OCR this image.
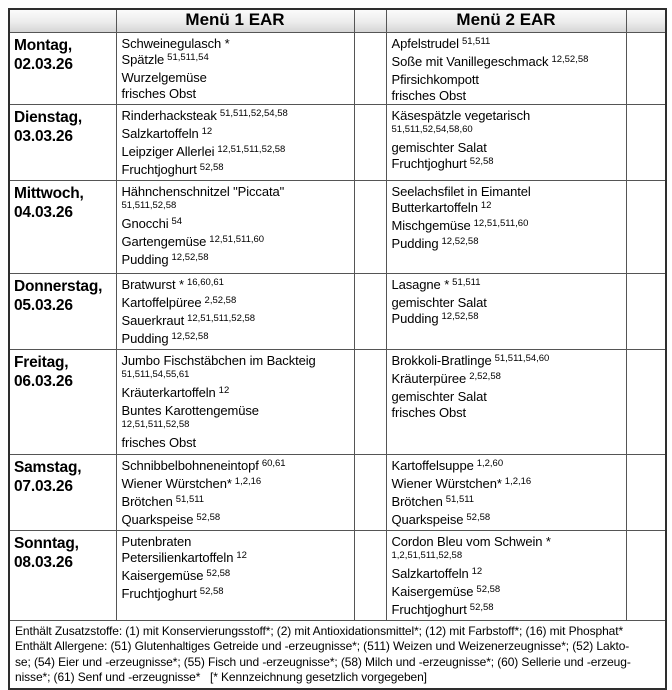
	Menü 1 EAR		Menü 2 EAR	

Montag,
02.03.26

Schweinegulasch *
Spätzle $^{51,511,54}$
Wurzelgemüse
frisches Obst

Apfelstrudel $^{51,511}$
Soße mit Vanillegeschmack $^{12,52,58}$
Pfirsichkompott
frisches Obst

Dienstag,
03.03.26

Rinderhacksteak $^{51,511,52,54,58}$
Salzkartoffeln $^{12}$
Leipziger Allerlei $^{12,51,511,52,58}$
Fruchtjoghurt $^{52,58}$

Käsespätzle vegetarisch
51,511,52,54,58,60
gemischter Salat
Fruchtjoghurt $^{52,58}$

Mittwoch,
04.03.26

Hähnchenschnitzel "Piccata"
51,511,52,58
Gnocchi $^{54}$
Gartengemüse $^{12,51,511,60}$
Pudding $^{12,52,58}$

Seelachsfilet in Eimantel
Butterkartoffeln $^{12}$
Mischgemüse $^{12,51,511,60}$
Pudding $^{12,52,58}$

Donnerstag,
05.03.26

Bratwurst * $^{16,60,61}$
Kartoffelpüree $^{2,52,58}$
Sauerkraut $^{12,51,511,52,58}$
Pudding $^{12,52,58}$

Lasagne * $^{51,511}$
gemischter Salat
Pudding $^{12,52,58}$

Freitag,
06.03.26

Jumbo Fischstäbchen im Backteig
51,511,54,55,61
Kräuterkartoffeln $^{12}$
Buntes Karottengemüse
12,51,511,52,58
frisches Obst

Brokkoli-Bratlinge $^{51,511,54,60}$
Kräuterpüree $^{2,52,58}$
gemischter Salat
frisches Obst

Samstag,
07.03.26

Schnibbelbohneneintopf $^{60,61}$
Wiener Würstchen* $^{1,2,16}$
Brötchen $^{51,511}$
Quarkspeise $^{52,58}$

Kartoffelsuppe $^{1,2,60}$
Wiener Würstchen* $^{1,2,16}$
Brötchen $^{51,511}$
Quarkspeise $^{52,58}$

Sonntag,
08.03.26

Putenbraten
Petersilienkartoffeln $^{12}$
Kaisergemüse $^{52,58}$
Fruchtjoghurt $^{52,58}$

Cordon Bleu vom Schwein *
1,2,51,511,52,58
Salzkartoffeln $^{12}$
Kaisergemüse $^{52,58}$
Fruchtjoghurt $^{52,58}$

Enthält Zusatzstoffe: (1) mit Konservierungsstoff*; (2) mit Antioxidationsmittel*; (12) mit Farbstoff*; (16) mit Phosphat*
Enthält Allergene: (51) Glutenhaltiges Getreide und -erzeugnisse*; (511) Weizen und Weizenerzeugnisse*; (52) Lakto-
se; (54) Eier und -erzeugnisse*; (55) Fisch und -erzeugnisse*; (58) Milch und -erzeugnisse*; (60) Sellerie und -erzeug-
nisse*; (61) Senf und -erzeugnisse*   [* Kennzeichnung gesetzlich vorgegeben]				
